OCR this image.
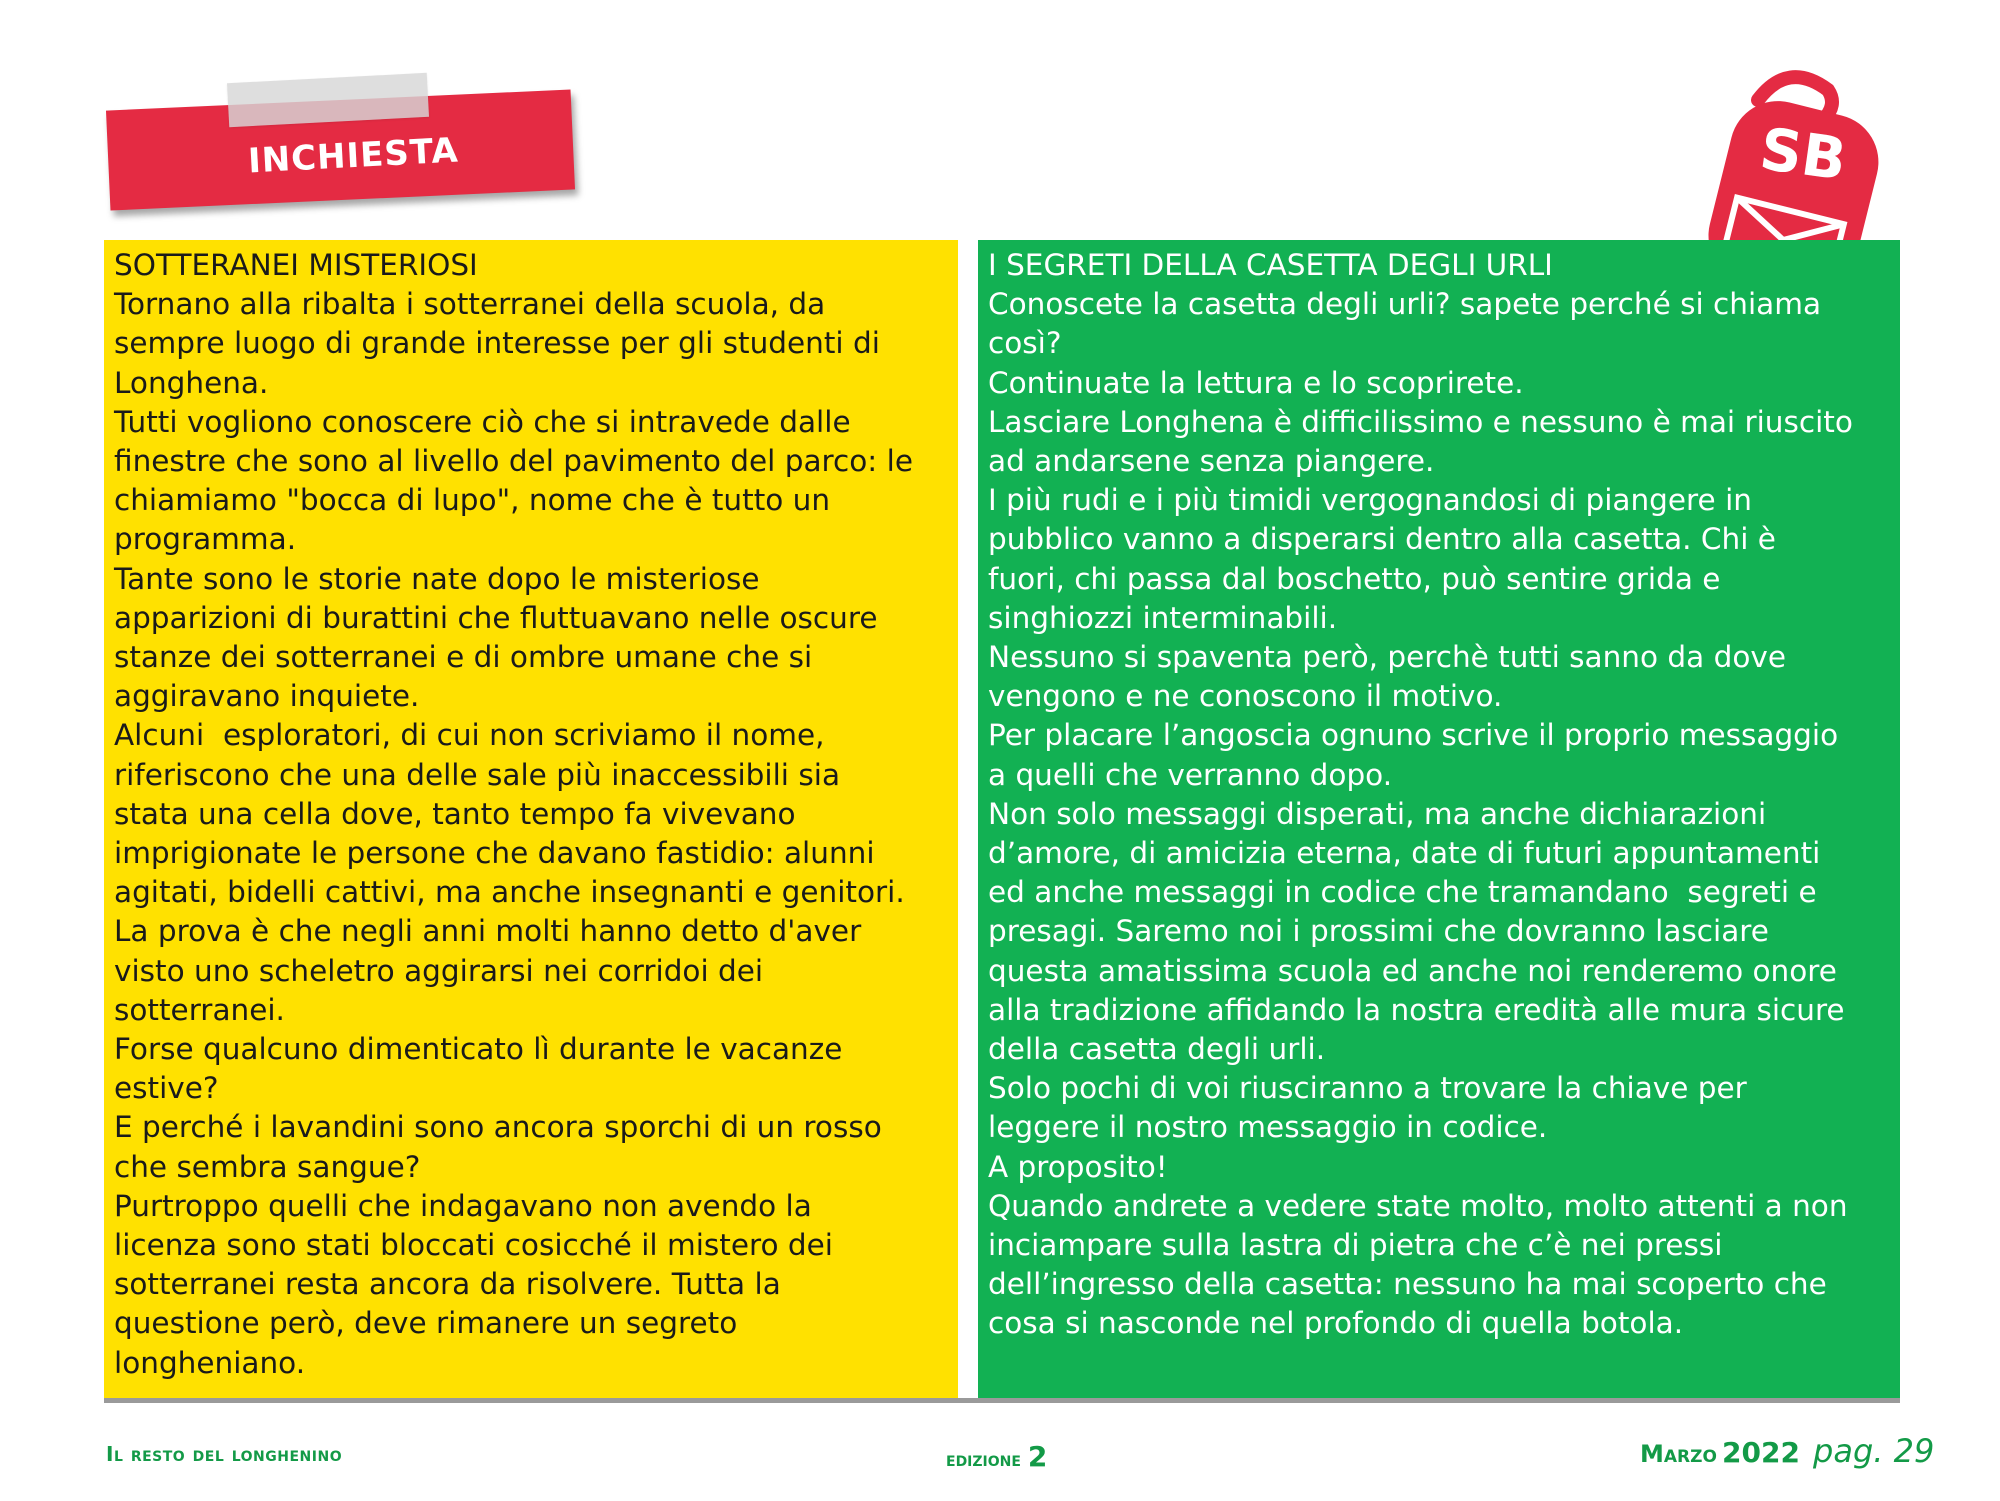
INCHIESTA	SB
SOTTERANEI MISTERIOSI
Tornano alla ribalta i sotterranei della scuola, da
sempre luogo di grande interesse per gli studenti di
Longhena.
Tutti vogliono conoscere ciò che si intravede dalle
finestre che sono al livello del pavimento del parco: le
chiamiamo "bocca di lupo", nome che è tutto un
programma.
Tante sono le storie nate dopo le misteriose
apparizioni di burattini che fluttuavano nelle oscure
stanze dei sotterranei e di ombre umane che si
aggiravano inquiete.
Alcuni  esploratori, di cui non scriviamo il nome,
riferiscono che una delle sale più inaccessibili sia
stata una cella dove, tanto tempo fa vivevano
imprigionate le persone che davano fastidio: alunni
agitati, bidelli cattivi, ma anche insegnanti e genitori.
La prova è che negli anni molti hanno detto d'aver
visto uno scheletro aggirarsi nei corridoi dei
sotterranei.
Forse qualcuno dimenticato lì durante le vacanze
estive?
E perché i lavandini sono ancora sporchi di un rosso
che sembra sangue?
Purtroppo quelli che indagavano non avendo la
licenza sono stati bloccati cosicché il mistero dei
sotterranei resta ancora da risolvere. Tutta la
questione però, deve rimanere un segreto
longheniano.
I SEGRETI DELLA CASETTA DEGLI URLI
Conoscete la casetta degli urli? sapete perché si chiama
così?
Continuate la lettura e lo scoprirete.
Lasciare Longhena è difficilissimo e nessuno è mai riuscito
ad andarsene senza piangere.
I più rudi e i più timidi vergognandosi di piangere in
pubblico vanno a disperarsi dentro alla casetta. Chi è
fuori, chi passa dal boschetto, può sentire grida e
singhiozzi interminabili.
Nessuno si spaventa però, perchè tutti sanno da dove
vengono e ne conoscono il motivo.
Per placare l’angoscia ognuno scrive il proprio messaggio
a quelli che verranno dopo.
Non solo messaggi disperati, ma anche dichiarazioni
d’amore, di amicizia eterna, date di futuri appuntamenti
ed anche messaggi in codice che tramandano  segreti e
presagi. Saremo noi i prossimi che dovranno lasciare
questa amatissima scuola ed anche noi renderemo onore
alla tradizione affidando la nostra eredità alle mura sicure
della casetta degli urli.
Solo pochi di voi riusciranno a trovare la chiave per
leggere il nostro messaggio in codice.
A proposito!
Quando andrete a vedere state molto, molto attenti a non
inciampare sulla lastra di pietra che c’è nei pressi
dell’ingresso della casetta: nessuno ha mai scoperto che
cosa si nasconde nel profondo di quella botola.
Il resto del longhenino	edizione 2	Marzo 2022 pag. 29
